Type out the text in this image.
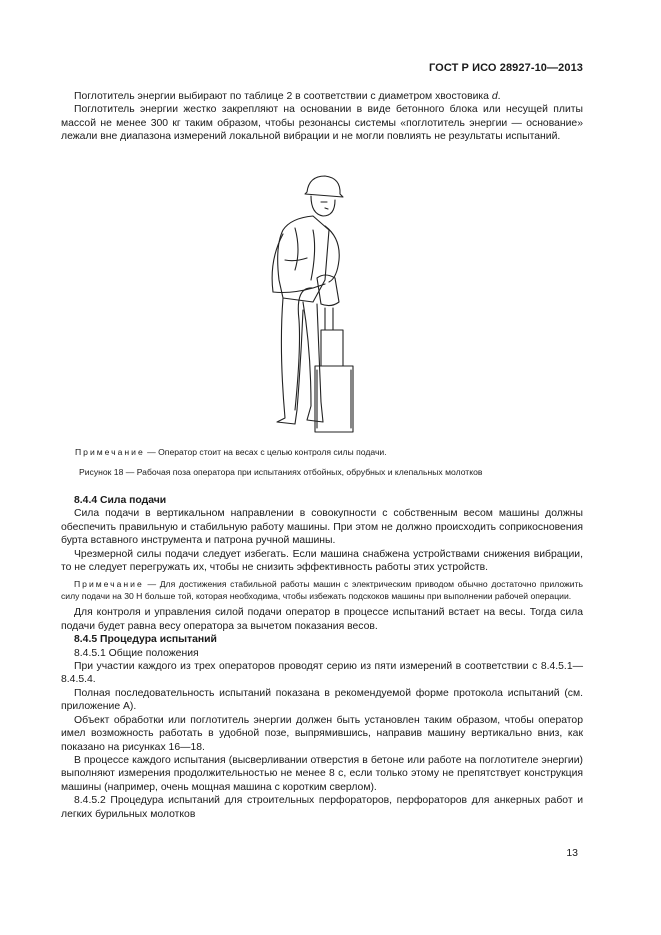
ГОСТ Р ИСО 28927-10—2013

Поглотитель энергии выбирают по таблице 2 в соответствии с диаметром хвостовика d.

Поглотитель энергии жестко закрепляют на основании в виде бетонного блока или несущей плиты массой не менее 300 кг таким образом, чтобы резонансы системы «поглотитель энергии — основание» лежали вне диапазона измерений локальной вибрации и не могли повлиять не результаты испытаний.

Примечание — Оператор стоит на весах с целью контроля силы подачи.
Рисунок 18 — Рабочая поза оператора при испытаниях отбойных, обрубных и клепальных молотков

8.4.4 Сила подачи

Сила подачи в вертикальном направлении в совокупности с собственным весом машины должны обеспечить правильную и стабильную работу машины. При этом не должно происходить соприкосновения бурта вставного инструмента и патрона ручной машины.

Чрезмерной силы подачи следует избегать. Если машина снабжена устройствами снижения вибрации, то не следует перегружать их, чтобы не снизить эффективность работы этих устройств.

Примечание — Для достижения стабильной работы машин с электрическим приводом обычно достаточно приложить силу подачи на 30 Н больше той, которая необходима, чтобы избежать подскоков машины при выполнении рабочей операции.

Для контроля и управления силой подачи оператор в процессе испытаний встает на весы. Тогда сила подачи будет равна весу оператора за вычетом показания весов.

8.4.5 Процедура испытаний

8.4.5.1 Общие положения

При участии каждого из трех операторов проводят серию из пяти измерений в соответствии с 8.4.5.1—8.4.5.4.

Полная последовательность испытаний показана в рекомендуемой форме протокола испытаний (см. приложение А).

Объект обработки или поглотитель энергии должен быть установлен таким образом, чтобы оператор имел возможность работать в удобной позе, выпрямившись, направив машину вертикально вниз, как показано на рисунках 16—18.

В процессе каждого испытания (высверливании отверстия в бетоне или работе на поглотителе энергии) выполняют измерения продолжительностью не менее 8 с, если только этому не препятствует конструкция машины (например, очень мощная машина с коротким сверлом).

8.4.5.2 Процедура испытаний для строительных перфораторов, перфораторов для анкерных работ и легких бурильных молотков

13
